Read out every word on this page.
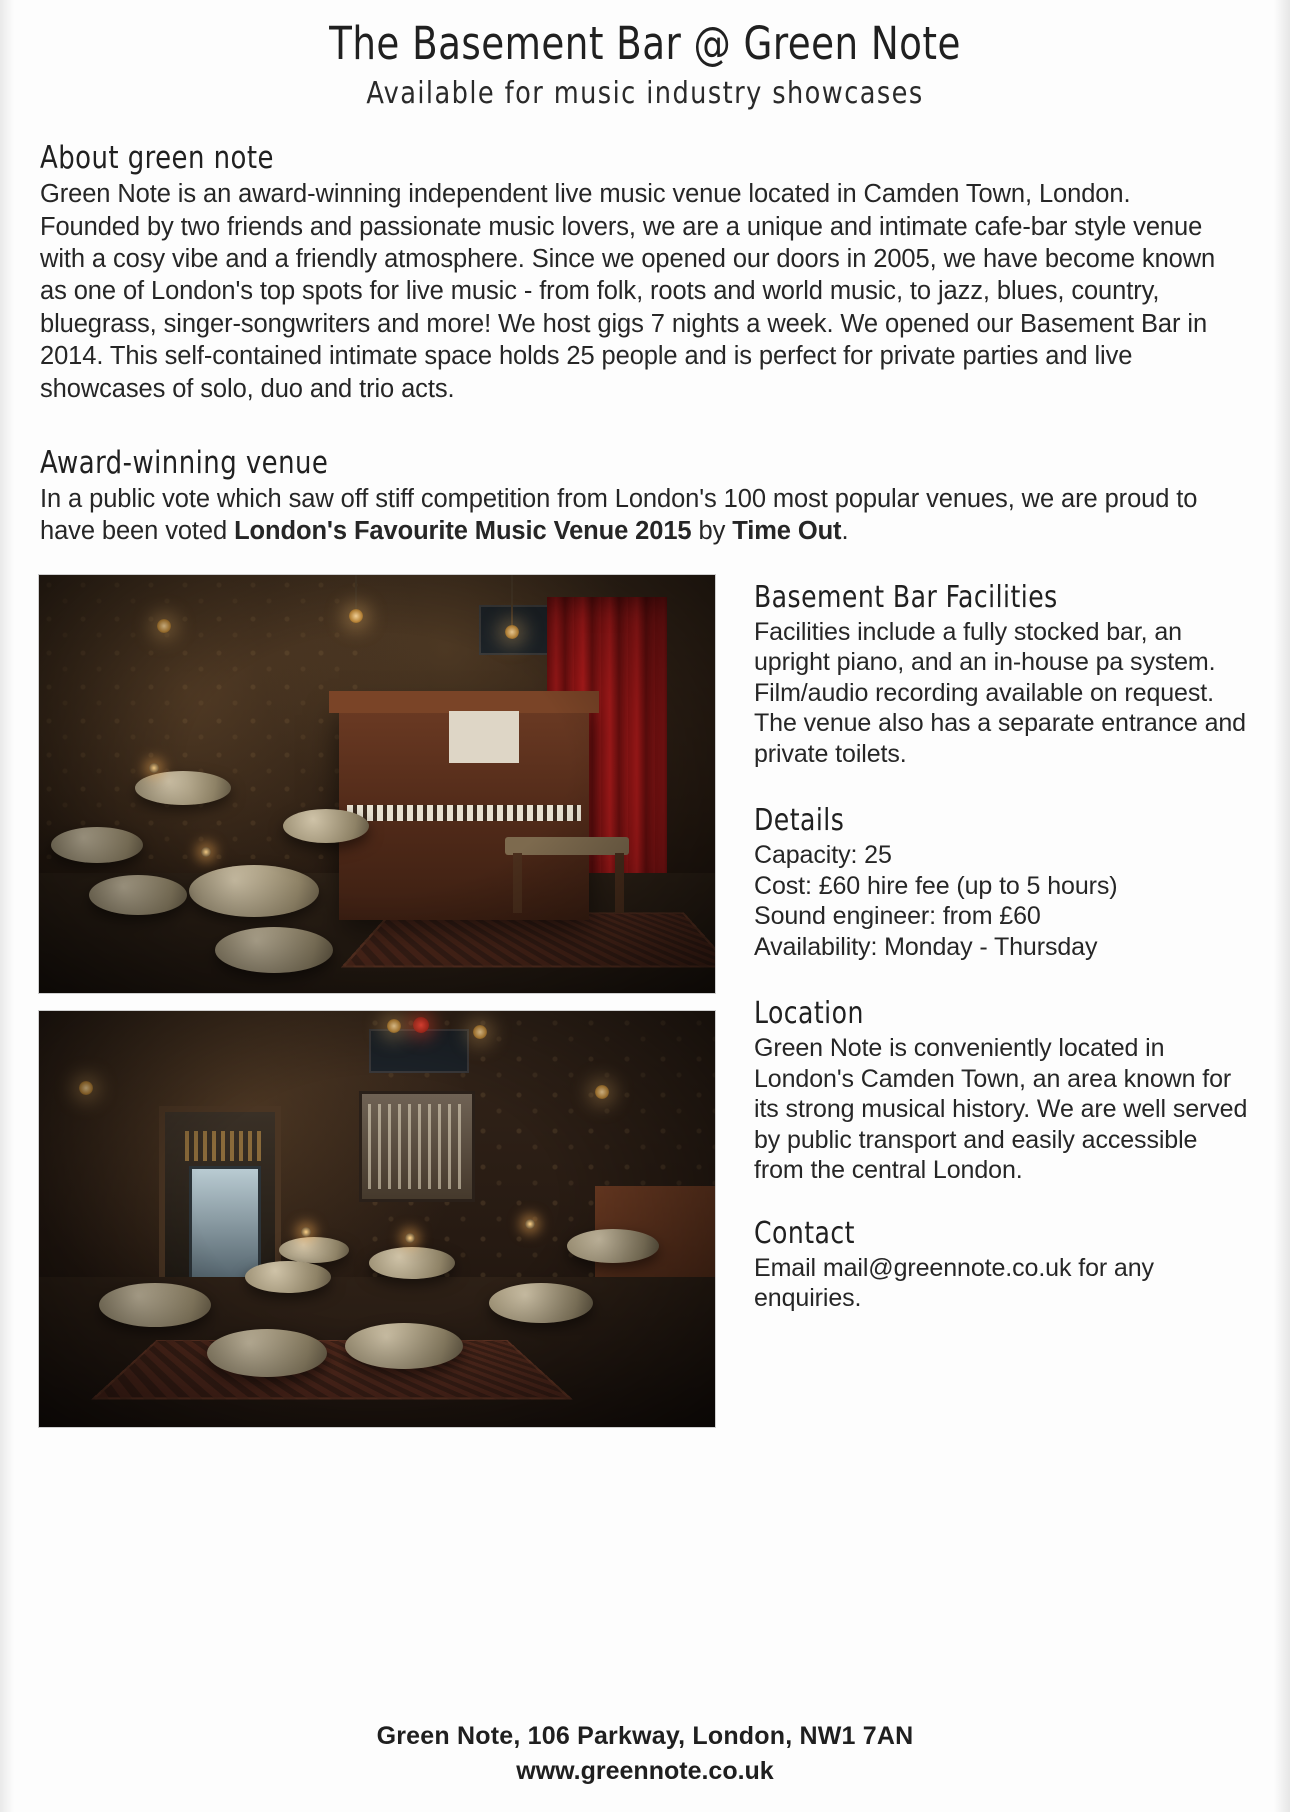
The Basement Bar @ Green Note
Available for music industry showcases
About green note
Green Note is an award-winning independent live music venue located in Camden Town, London. Founded by two friends and passionate music lovers, we are a unique and intimate cafe-bar style venue with a cosy vibe and a friendly atmosphere. Since we opened our doors in 2005, we have become known as one of London's top spots for live music - from folk, roots and world music, to jazz, blues, country, bluegrass, singer-songwriters and more! We host gigs 7 nights a week. We opened our Basement Bar in 2014. This self-contained intimate space holds 25 people and is perfect for private parties and live showcases of solo, duo and trio acts.
Award-winning venue
In a public vote which saw off stiff competition from London's 100 most popular venues, we are proud to have been voted London's Favourite Music Venue 2015 by Time Out.
Basement Bar Facilities
Facilities include a fully stocked bar, an upright piano, and an in-house pa system. Film/audio recording available on request. The venue also has a separate entrance and private toilets.
Details
Capacity: 25
Cost: £60 hire fee (up to 5 hours)
Sound engineer: from £60
Availability: Monday - Thursday
Location
Green Note is conveniently located in London's Camden Town, an area known for its strong musical history. We are well served by public transport and easily accessible from the central London.
Contact
Email mail@greennote.co.uk for any enquiries.
Green Note, 106 Parkway, London, NW1 7AN
www.greennote.co.uk
